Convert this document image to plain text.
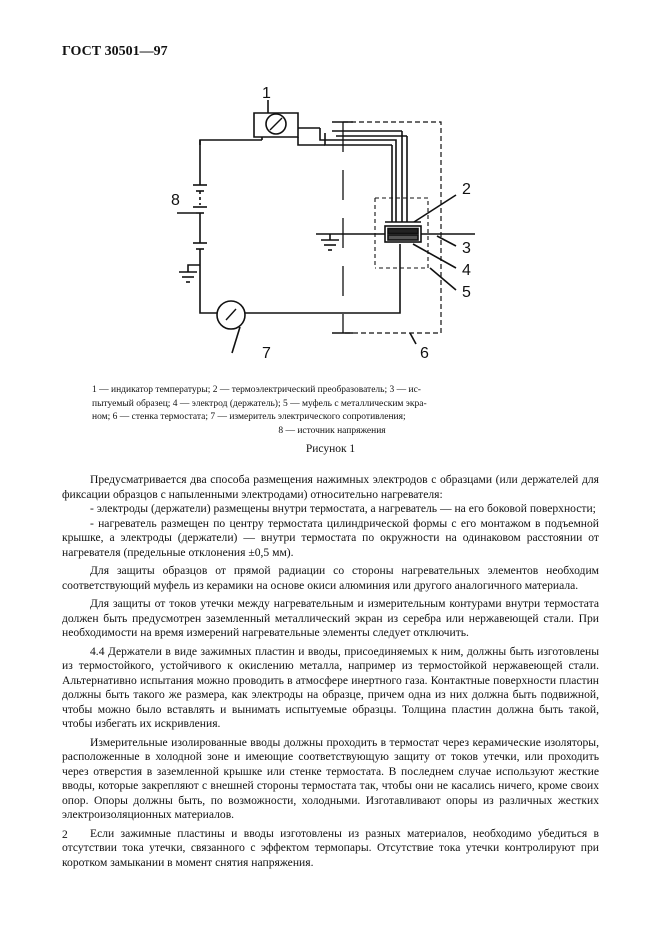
ГОСТ 30501—97
1
2
3
4
5
6
7
8
1 — индикатор температуры; 2 — термоэлектрический преобразователь; 3 — ис-
пытуемый образец; 4 — электрод (держатель); 5 — муфель с металлическим экра-
ном; 6 — стенка термостата; 7 — измеритель электрического сопротивления;
8 — источник напряжения
Рисунок 1

Предусматривается два способа размещения нажимных электродов с образцами (или держателей для фиксации образцов с напыленными электродами) относительно нагревателя:

- электроды (держатели) размещены внутри термостата, а нагреватель — на его боковой поверхности;

- нагреватель размещен по центру термостата цилиндрической формы с его монтажом в подъемной крышке, а электроды (держатели) — внутри термостата по окружности на одинаковом расстоянии от нагревателя (предельные отклонения ±0,5 мм).

Для защиты образцов от прямой радиации со стороны нагревательных элементов необходим соответствующий муфель из керамики на основе окиси алюминия или другого аналогичного материала.

Для защиты от токов утечки между нагревательным и измерительным контурами внутри термостата должен быть предусмотрен заземленный металлический экран из серебра или нержавеющей стали. При необходимости на время измерений нагревательные элементы следует отключить.

4.4 Держатели в виде зажимных пластин и вводы, присоединяемых к ним, должны быть изготовлены из термостойкого, устойчивого к окислению металла, например из термостойкой нержавеющей стали. Альтернативно испытания можно проводить в атмосфере инертного газа. Контактные поверхности пластин должны быть такого же размера, как электроды на образце, причем одна из них должна быть подвижной, чтобы можно было вставлять и вынимать испытуемые образцы. Толщина пластин должна быть такой, чтобы избегать их искривления.

Измерительные изолированные вводы должны проходить в термостат через керамические изоляторы, расположенные в холодной зоне и имеющие соответствующую защиту от токов утечки, или проходить через отверстия в заземленной крышке или стенке термостата. В последнем случае используют жесткие вводы, которые закрепляют с внешней стороны термостата так, чтобы они не касались ничего, кроме своих опор. Опоры должны быть, по возможности, холодными. Изготавливают опоры из различных жестких электроизоляционных материалов.

Если зажимные пластины и вводы изготовлены из разных материалов, необходимо убедиться в отсутствии тока утечки, связанного с эффектом термопары. Отсутствие тока утечки контролируют при коротком замыкании в момент снятия напряжения.

2
